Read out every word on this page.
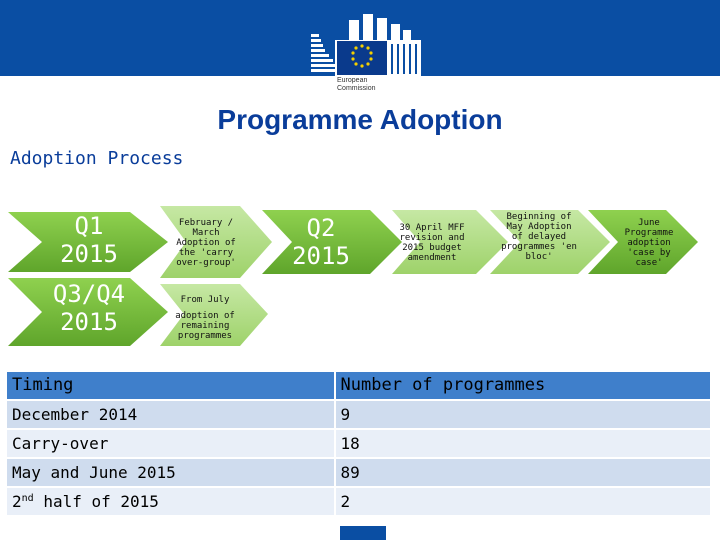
European
Commission
Programme Adoption
Adoption Process
Q1 2015
Q3/Q4 2015
Q2 2015
February / March Adoption of the 'carry over-group'
From July
adoption of remaining programmes
30 April MFF revision and 2015 budget amendment
Beginning of May Adoption of delayed programmes 'en bloc'
June Programme adoption 'case by case'
Timing	Number of programmes
December 2014	9
Carry-over	18
May and June 2015	89
2nd half of 2015	2
